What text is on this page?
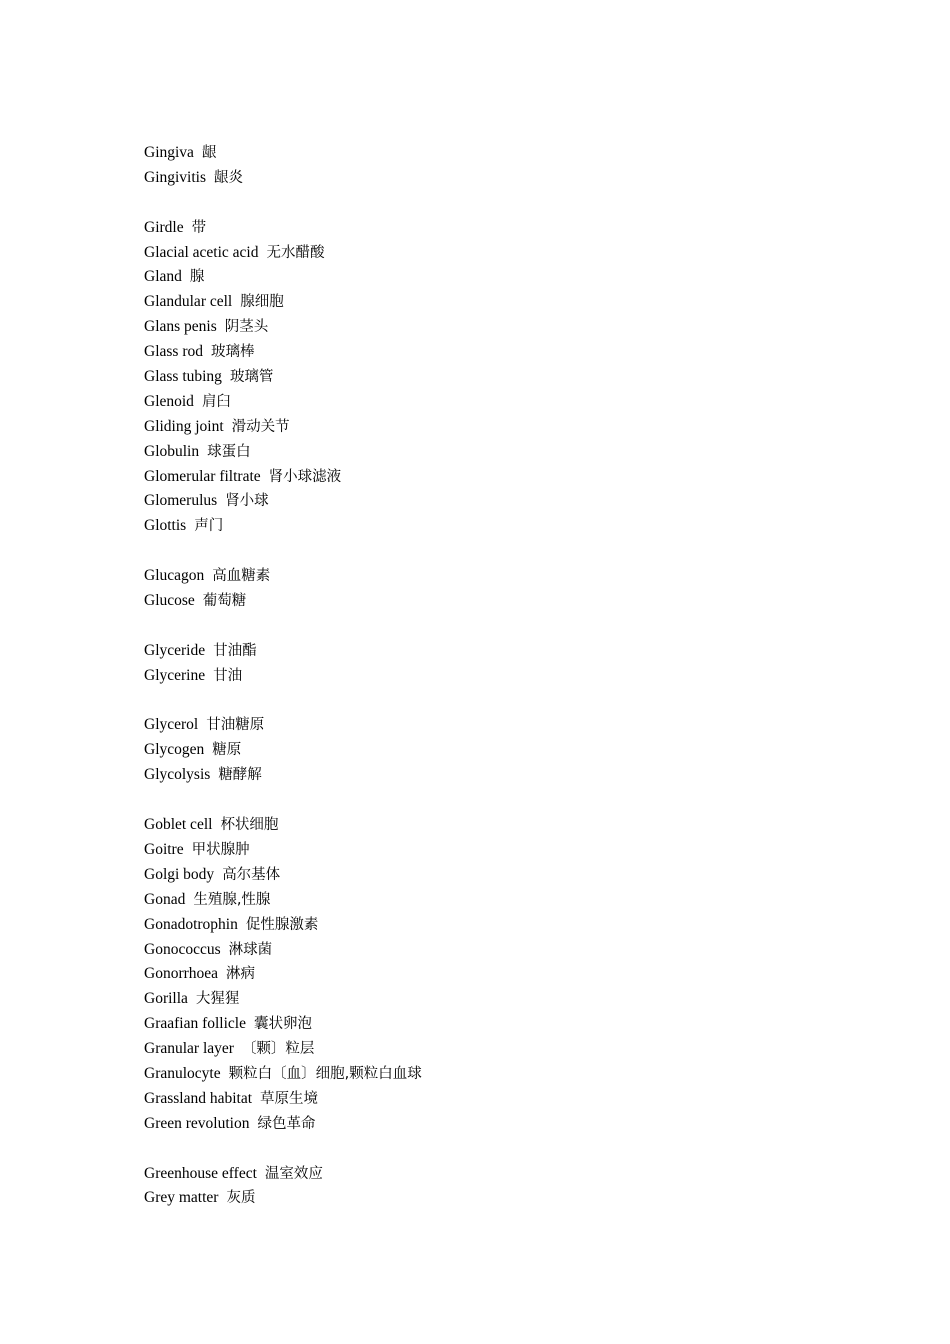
Gingiva 龈
Gingivitis 龈炎
Girdle 带
Glacial acetic acid 无水醋酸
Gland 腺
Glandular cell 腺细胞
Glans penis 阴茎头
Glass rod 玻璃棒
Glass tubing 玻璃管
Glenoid 肩臼
Gliding joint 滑动关节
Globulin 球蛋白
Glomerular filtrate 肾小球滤液
Glomerulus 肾小球
Glottis 声门
Glucagon 高血糖素
Glucose 葡萄糖
Glyceride 甘油酯
Glycerine 甘油
Glycerol 甘油糖原
Glycogen 糖原
Glycolysis 糖酵解
Goblet cell 杯状细胞
Goitre 甲状腺肿
Golgi body 高尔基体
Gonad 生殖腺,性腺
Gonadotrophin 促性腺激素
Gonococcus 淋球菌
Gonorrhoea 淋病
Gorilla 大猩猩
Graafian follicle 囊状卵泡
Granular layer 〔颗〕粒层
Granulocyte 颗粒白〔血〕细胞,颗粒白血球
Grassland habitat 草原生境
Green revolution 绿色革命
Greenhouse effect 温室效应
Grey matter 灰质
